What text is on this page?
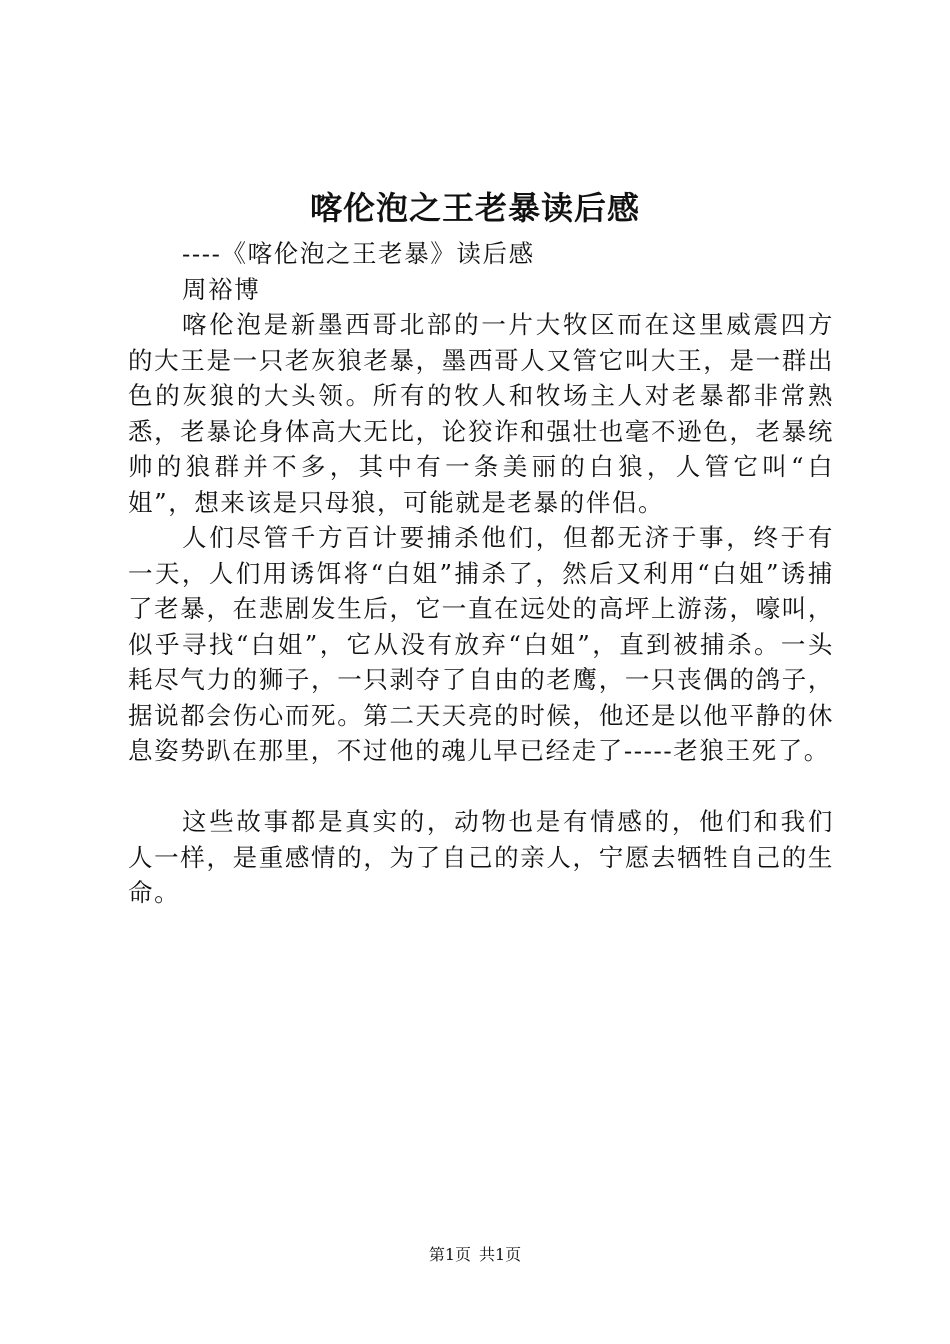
喀伦泡之王老暴读后感

----《喀伦泡之王老暴》读后感

周裕博

喀伦泡是新墨西哥北部的一片大牧区而在这里威震四方的大王是一只老灰狼老暴，墨西哥人又管它叫大王，是一群出色的灰狼的大头领。所有的牧人和牧场主人对老暴都非常熟悉，老暴论身体高大无比，论狡诈和强壮也毫不逊色，老暴统帅的狼群并不多，其中有一条美丽的白狼，人管它叫“白姐”，想来该是只母狼，可能就是老暴的伴侣。

人们尽管千方百计要捕杀他们，但都无济于事，终于有一天，人们用诱饵将“白姐”捕杀了，然后又利用“白姐”诱捕了老暴，在悲剧发生后，它一直在远处的高坪上游荡，嚎叫，似乎寻找“白姐”，它从没有放弃“白姐”，直到被捕杀。一头耗尽气力的狮子，一只剥夺了自由的老鹰，一只丧偶的鸽子，据说都会伤心而死。第二天天亮的时候，他还是以他平静的休息姿势趴在那里，不过他的魂儿早已经走了-----老狼王死了。

这些故事都是真实的，动物也是有情感的，他们和我们人一样，是重感情的，为了自己的亲人，宁愿去牺牲自己的生命。

第1页 共1页
